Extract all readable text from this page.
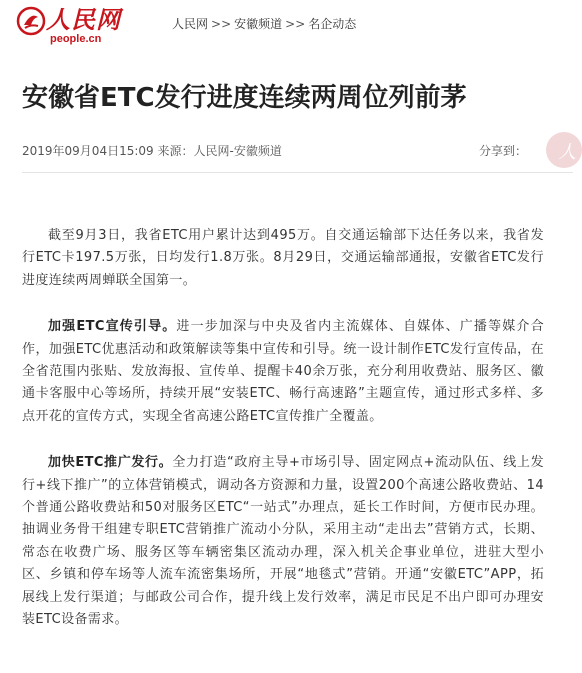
人民网
people.cn
人民网 >> 安徽频道 >> 名企动态
安徽省ETC发行进度连续两周位列前茅
2019年09月04日15:09 来源：人民网-安徽频道	分享到： 人

截至9月3日，我省ETC用户累计达到495万。自交通运输部下达任务以来，我省发行ETC卡197.5万张，日均发行1.8万张。8月29日，交通运输部通报，安徽省ETC发行进度连续两周蝉联全国第一。

加强ETC宣传引导。进一步加深与中央及省内主流媒体、自媒体、广播等媒介合作，加强ETC优惠活动和政策解读等集中宣传和引导。统一设计制作ETC发行宣传品，在全省范围内张贴、发放海报、宣传单、提醒卡40余万张，充分利用收费站、服务区、徽通卡客服中心等场所，持续开展“安装ETC、畅行高速路”主题宣传，通过形式多样、多点开花的宣传方式，实现全省高速公路ETC宣传推广全覆盖。

加快ETC推广发行。全力打造“政府主导+市场引导、固定网点+流动队伍、线上发行+线下推广”的立体营销模式，调动各方资源和力量，设置200个高速公路收费站、14个普通公路收费站和50对服务区ETC“一站式”办理点，延长工作时间，方便市民办理。抽调业务骨干组建专职ETC营销推广流动小分队，采用主动“走出去”营销方式，长期、常态在收费广场、服务区等车辆密集区流动办理，深入机关企事业单位，进驻大型小区、乡镇和停车场等人流车流密集场所，开展“地毯式”营销。开通“安徽ETC”APP，拓展线上发行渠道；与邮政公司合作，提升线上发行效率，满足市民足不出户即可办理安装ETC设备需求。
